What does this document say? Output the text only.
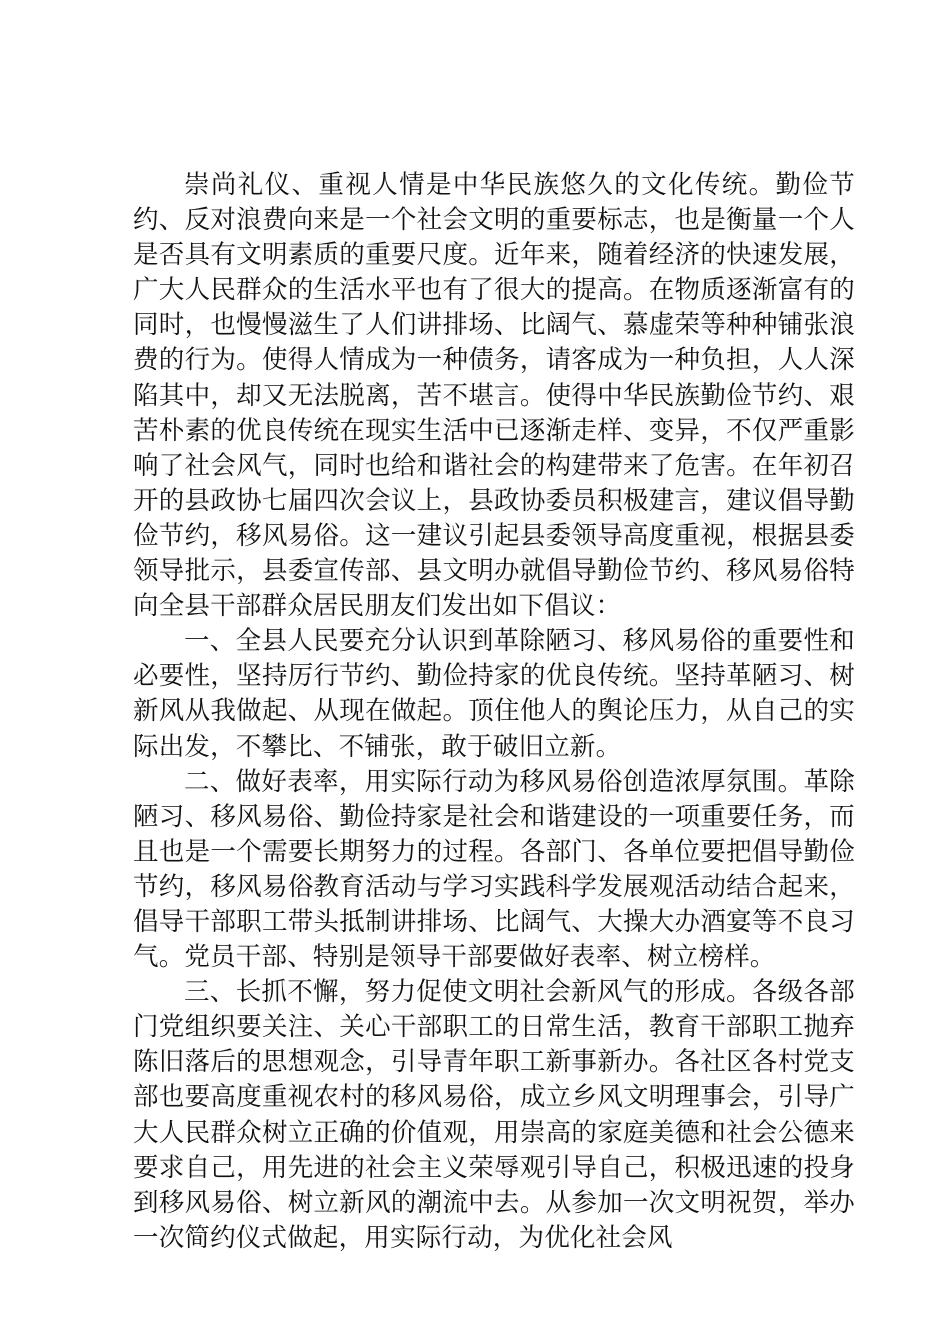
崇尚礼仪、重视人情是中华民族悠久的文化传统。勤俭节约、反对浪费向来是一个社会文明的重要标志，也是衡量一个人是否具有文明素质的重要尺度。近年来，随着经济的快速发展，广大人民群众的生活水平也有了很大的提高。在物质逐渐富有的同时，也慢慢滋生了人们讲排场、比阔气、慕虚荣等种种铺张浪费的行为。使得人情成为一种债务，请客成为一种负担，人人深陷其中，却又无法脱离，苦不堪言。使得中华民族勤俭节约、艰苦朴素的优良传统在现实生活中已逐渐走样、变异，不仅严重影响了社会风气，同时也给和谐社会的构建带来了危害。在年初召开的县政协七届四次会议上，县政协委员积极建言，建议倡导勤俭节约，移风易俗。这一建议引起县委领导高度重视，根据县委领导批示，县委宣传部、县文明办就倡导勤俭节约、移风易俗特向全县干部群众居民朋友们发出如下倡议：

一、全县人民要充分认识到革除陋习、移风易俗的重要性和必要性，坚持厉行节约、勤俭持家的优良传统。坚持革陋习、树新风从我做起、从现在做起。顶住他人的舆论压力，从自己的实际出发，不攀比、不铺张，敢于破旧立新。

二、做好表率，用实际行动为移风易俗创造浓厚氛围。革除陋习、移风易俗、勤俭持家是社会和谐建设的一项重要任务，而且也是一个需要长期努力的过程。各部门、各单位要把倡导勤俭节约，移风易俗教育活动与学习实践科学发展观活动结合起来，倡导干部职工带头抵制讲排场、比阔气、大操大办酒宴等不良习气。党员干部、特别是领导干部要做好表率、树立榜样。

三、长抓不懈，努力促使文明社会新风气的形成。各级各部门党组织要关注、关心干部职工的日常生活，教育干部职工抛弃陈旧落后的思想观念，引导青年职工新事新办。各社区各村党支部也要高度重视农村的移风易俗，成立乡风文明理事会，引导广大人民群众树立正确的价值观，用崇高的家庭美德和社会公德来要求自己，用先进的社会主义荣辱观引导自己，积极迅速的投身到移风易俗、树立新风的潮流中去。从参加一次文明祝贺，举办一次简约仪式做起，用实际行动，为优化社会风
